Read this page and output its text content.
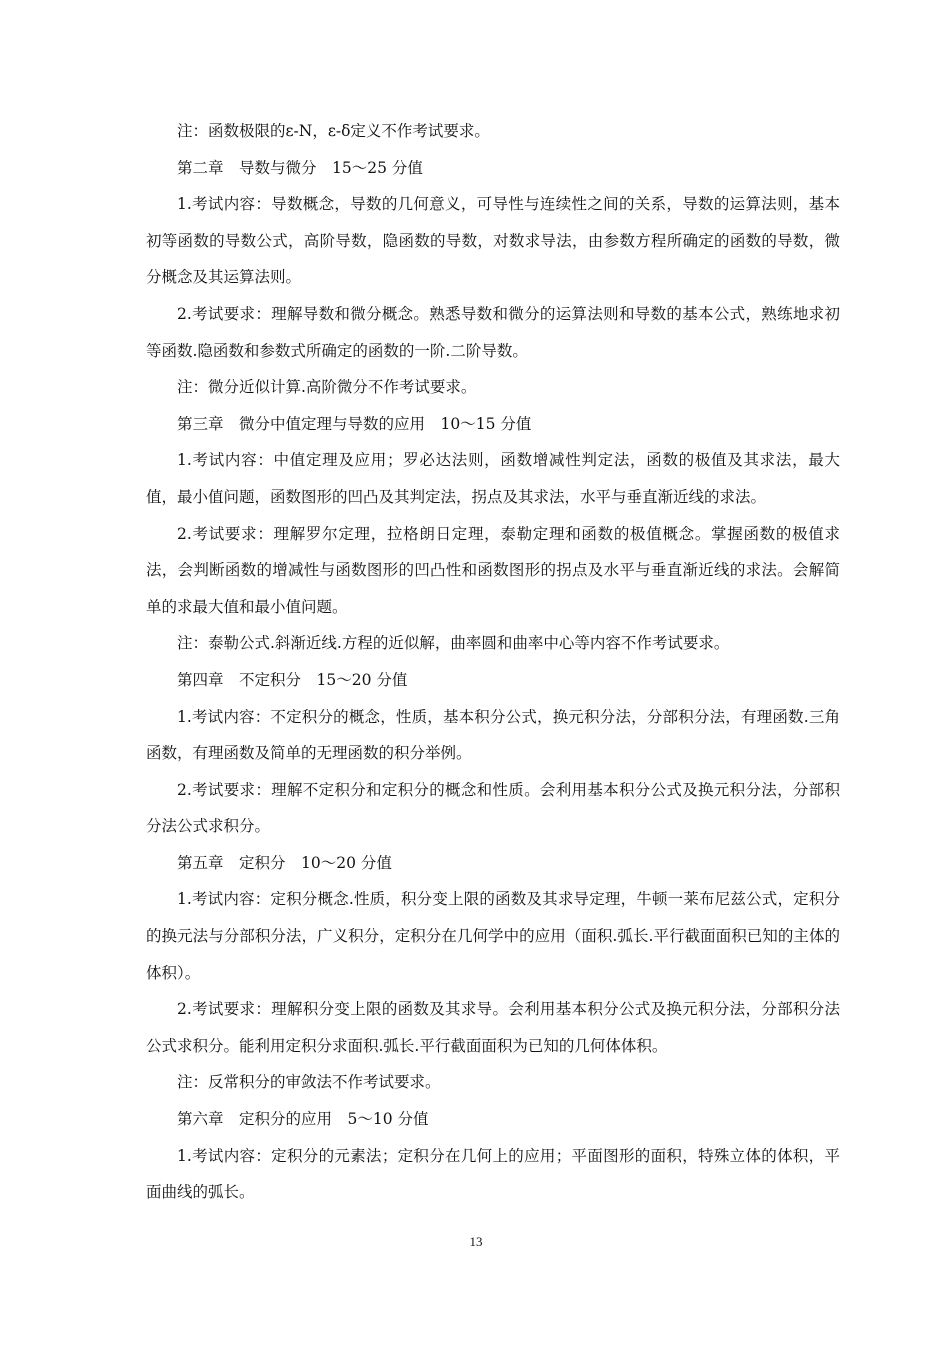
注：函数极限的ε-N，ε-δ定义不作考试要求。

第二章　导数与微分　15～25 分值

1.考试内容：导数概念，导数的几何意义，可导性与连续性之间的关系，导数的运算法则，基本初等函数的导数公式，高阶导数，隐函数的导数，对数求导法，由参数方程所确定的函数的导数，微分概念及其运算法则。

2.考试要求：理解导数和微分概念。熟悉导数和微分的运算法则和导数的基本公式，熟练地求初等函数.隐函数和参数式所确定的函数的一阶.二阶导数。

注：微分近似计算.高阶微分不作考试要求。

第三章　微分中值定理与导数的应用　10～15 分值

1.考试内容：中值定理及应用；罗必达法则，函数增减性判定法，函数的极值及其求法，最大值，最小值问题，函数图形的凹凸及其判定法，拐点及其求法，水平与垂直渐近线的求法。

2.考试要求：理解罗尔定理，拉格朗日定理，泰勒定理和函数的极值概念。掌握函数的极值求法，会判断函数的增减性与函数图形的凹凸性和函数图形的拐点及水平与垂直渐近线的求法。会解简单的求最大值和最小值问题。

注：泰勒公式.斜渐近线.方程的近似解，曲率圆和曲率中心等内容不作考试要求。

第四章　不定积分　15～20 分值

1.考试内容：不定积分的概念，性质，基本积分公式，换元积分法，分部积分法，有理函数.三角函数，有理函数及简单的无理函数的积分举例。

2.考试要求：理解不定积分和定积分的概念和性质。会利用基本积分公式及换元积分法，分部积分法公式求积分。

第五章　定积分　10～20 分值

1.考试内容：定积分概念.性质，积分变上限的函数及其求导定理，牛顿一莱布尼兹公式，定积分的换元法与分部积分法，广义积分，定积分在几何学中的应用（面积.弧长.平行截面面积已知的主体的体积）。

2.考试要求：理解积分变上限的函数及其求导。会利用基本积分公式及换元积分法，分部积分法公式求积分。能利用定积分求面积.弧长.平行截面面积为已知的几何体体积。

注：反常积分的审敛法不作考试要求。

第六章　定积分的应用　5～10 分值

1.考试内容：定积分的元素法；定积分在几何上的应用；平面图形的面积，特殊立体的体积，平面曲线的弧长。

13
